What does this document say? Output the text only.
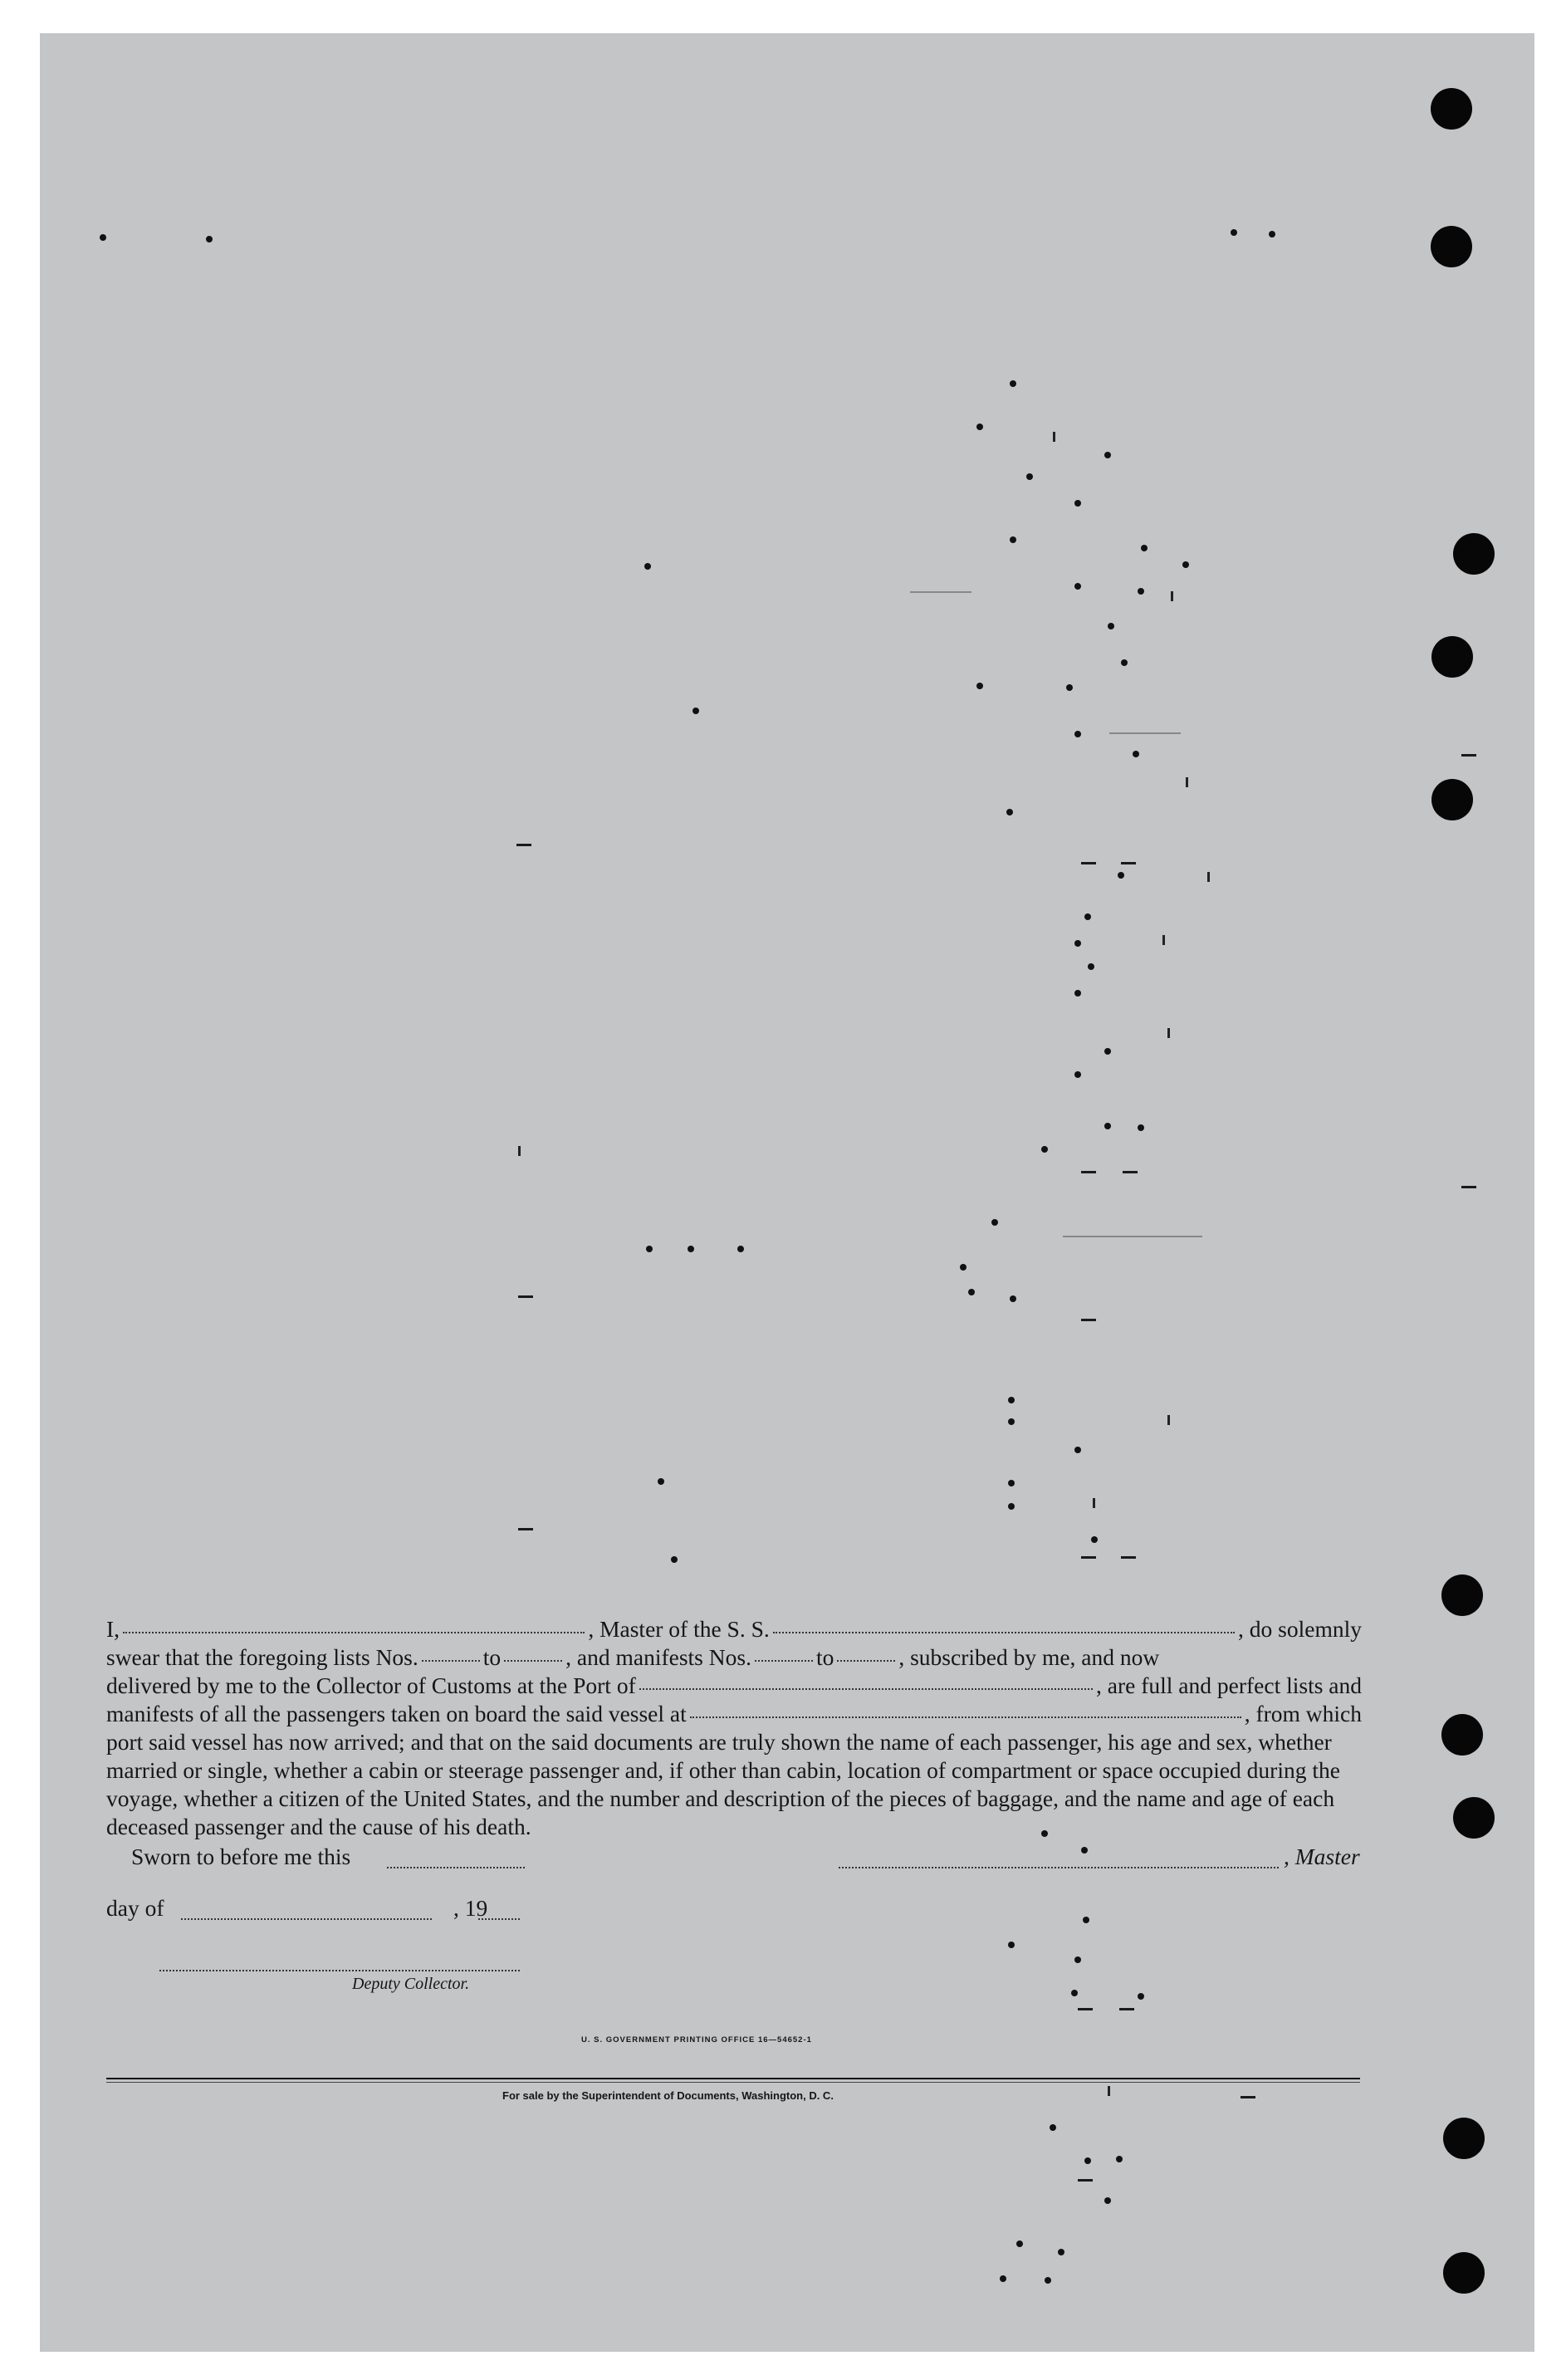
I,	, Master of the S. S.	, do solemnly
swear that the foregoing lists Nos.	to	, and manifests Nos.	to	, subscribed by me, and now
delivered by me to the Collector of Customs at the Port of	, are full and perfect lists and
manifests of all the passengers taken on board the said vessel at	, from which
port said vessel has now arrived; and that on the said documents are truly shown the name of each passenger, his age and sex, whether married or single, whether a cabin or steerage passenger and, if other than cabin, location of compartment or space occupied during the voyage, whether a citizen of the United States, and the number and description of the pieces of baggage, and the name and age of each deceased passenger and the cause of his death.
Sworn to before me this	, Master
day of	, 19
Deputy Collector.
U. S. GOVERNMENT PRINTING OFFICE 16—54652-1
For sale by the Superintendent of Documents, Washington, D. C.
